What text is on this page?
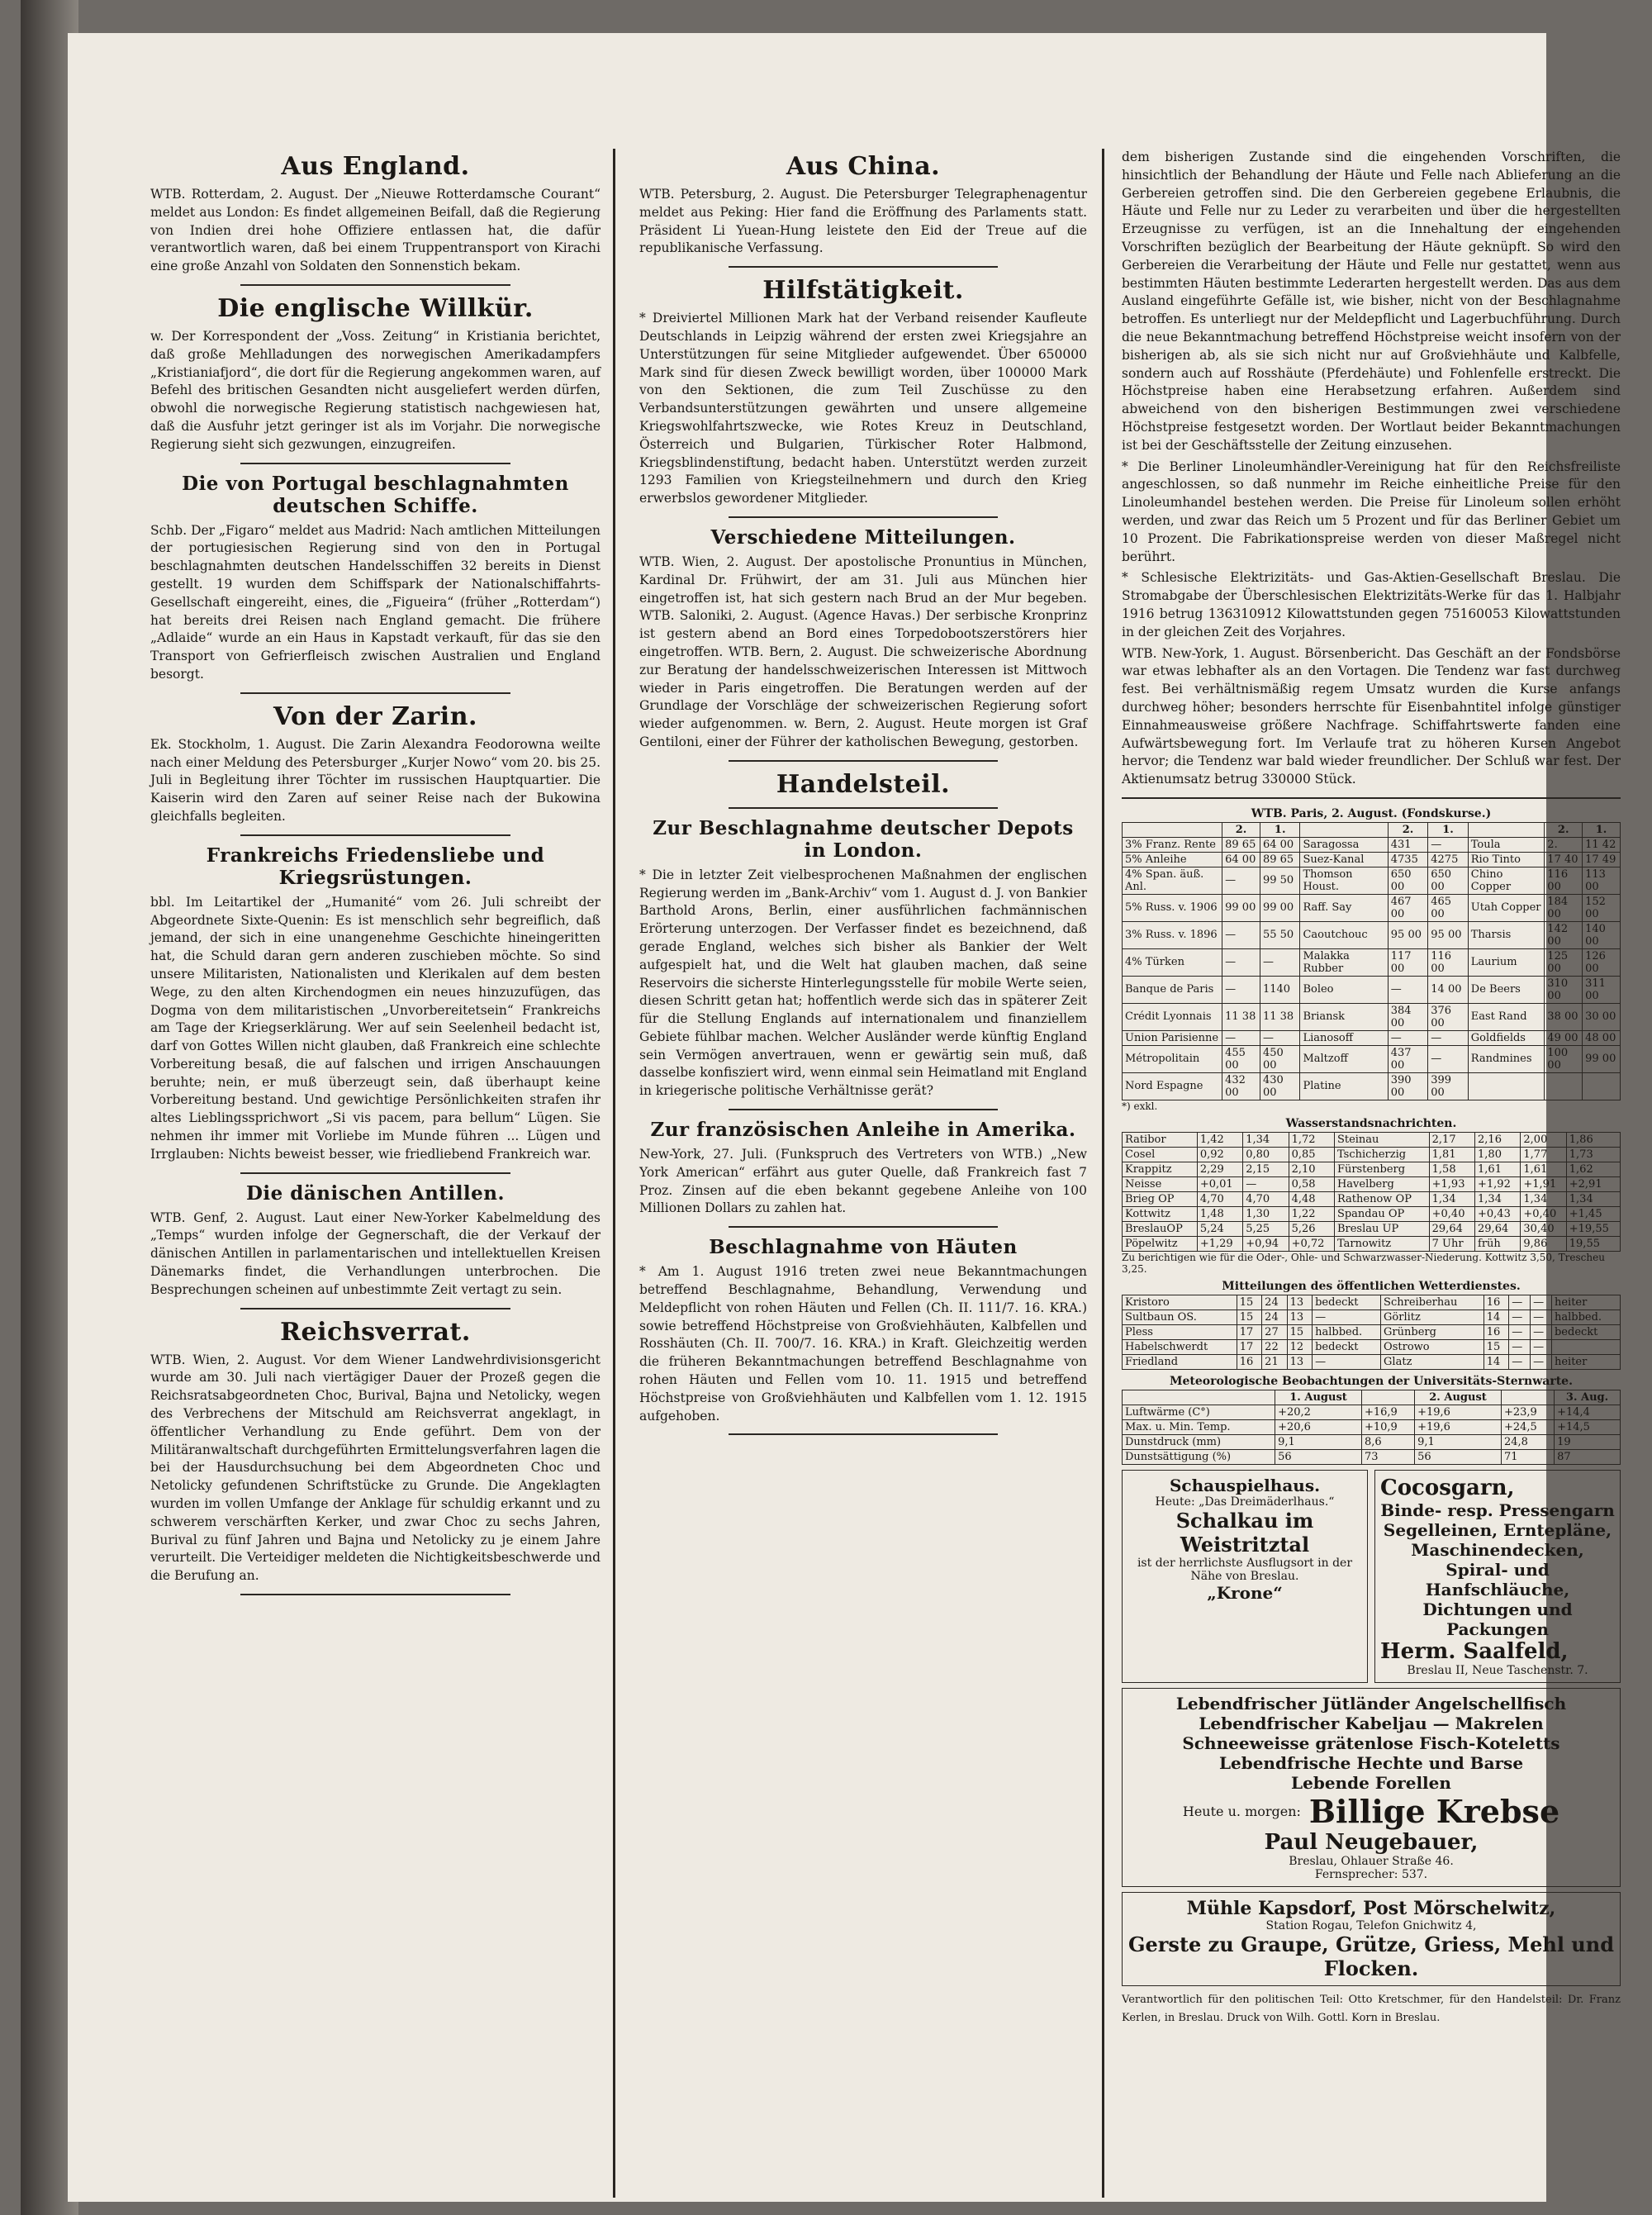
Aus England.

WTB. Rotterdam, 2. August. Der „Nieuwe Rotterdamsche Courant“ meldet aus London: Es findet allgemeinen Beifall, daß die Regierung von Indien drei hohe Offiziere entlassen hat, die dafür verantwortlich waren, daß bei einem Truppentransport von Kirachi eine große Anzahl von Soldaten den Sonnenstich bekam.

Die englische Willkür.

w. Der Korrespondent der „Voss. Zeitung“ in Kristiania berichtet, daß große Mehlladungen des norwegischen Amerikadampfers „Kristianiafjord“, die dort für die Regierung angekommen waren, auf Befehl des britischen Gesandten nicht ausgeliefert werden dürfen, obwohl die norwegische Regierung statistisch nachgewiesen hat, daß die Ausfuhr jetzt geringer ist als im Vorjahr. Die norwegische Regierung sieht sich gezwungen, einzugreifen.

Die von Portugal beschlagnahmten deutschen Schiffe.

Schb. Der „Figaro“ meldet aus Madrid: Nach amtlichen Mitteilungen der portugiesischen Regierung sind von den in Portugal beschlagnahmten deutschen Handelsschiffen 32 bereits in Dienst gestellt. 19 wurden dem Schiffspark der Nationalschiffahrts-Gesellschaft eingereiht, eines, die „Figueira“ (früher „Rotterdam“) hat bereits drei Reisen nach England gemacht. Die frühere „Adlaide“ wurde an ein Haus in Kapstadt verkauft, für das sie den Transport von Gefrierfleisch zwischen Australien und England besorgt.

Von der Zarin.

Ek. Stockholm, 1. August. Die Zarin Alexandra Feodorowna weilte nach einer Meldung des Petersburger „Kurjer Nowo“ vom 20. bis 25. Juli in Begleitung ihrer Töchter im russischen Hauptquartier. Die Kaiserin wird den Zaren auf seiner Reise nach der Bukowina gleichfalls begleiten.

Frankreichs Friedensliebe und Kriegsrüstungen.

bbl. Im Leitartikel der „Humanité“ vom 26. Juli schreibt der Abgeordnete Sixte-Quenin: Es ist menschlich sehr begreiflich, daß jemand, der sich in eine unangenehme Geschichte hineingeritten hat, die Schuld daran gern anderen zuschieben möchte. So sind unsere Militaristen, Nationalisten und Klerikalen auf dem besten Wege, zu den alten Kirchendogmen ein neues hinzuzufügen, das Dogma von dem militaristischen „Unvorbereitetsein“ Frankreichs am Tage der Kriegserklärung. Wer auf sein Seelenheil bedacht ist, darf von Gottes Willen nicht glauben, daß Frankreich eine schlechte Vorbereitung besaß, die auf falschen und irrigen Anschauungen beruhte; nein, er muß überzeugt sein, daß überhaupt keine Vorbereitung bestand. Und gewichtige Persönlichkeiten strafen ihr altes Lieblingssprichwort „Si vis pacem, para bellum“ Lügen. Sie nehmen ihr immer mit Vorliebe im Munde führen ... Lügen und Irrglauben: Nichts beweist besser, wie friedliebend Frankreich war.

Die dänischen Antillen.

WTB. Genf, 2. August. Laut einer New-Yorker Kabelmeldung des „Temps“ wurden infolge der Gegnerschaft, die der Verkauf der dänischen Antillen in parlamentarischen und intellektuellen Kreisen Dänemarks findet, die Verhandlungen unterbrochen. Die Besprechungen scheinen auf unbestimmte Zeit vertagt zu sein.

Reichsverrat.

WTB. Wien, 2. August. Vor dem Wiener Landwehrdivisionsgericht wurde am 30. Juli nach viertägiger Dauer der Prozeß gegen die Reichsratsabgeordneten Choc, Burival, Bajna und Netolicky, wegen des Verbrechens der Mitschuld am Reichsverrat angeklagt, in öffentlicher Verhandlung zu Ende geführt. Dem von der Militäranwaltschaft durchgeführten Ermittelungsverfahren lagen die bei der Hausdurchsuchung bei dem Abgeordneten Choc und Netolicky gefundenen Schriftstücke zu Grunde. Die Angeklagten wurden im vollen Umfange der Anklage für schuldig erkannt und zu schwerem verschärften Kerker, und zwar Choc zu sechs Jahren, Burival zu fünf Jahren und Bajna und Netolicky zu je einem Jahre verurteilt. Die Verteidiger meldeten die Nichtigkeitsbeschwerde und die Berufung an.

Aus China.

WTB. Petersburg, 2. August. Die Petersburger Telegraphenagentur meldet aus Peking: Hier fand die Eröffnung des Parlaments statt. Präsident Li Yuean-Hung leistete den Eid der Treue auf die republikanische Verfassung.

Hilfstätigkeit.

* Dreiviertel Millionen Mark hat der Verband reisender Kaufleute Deutschlands in Leipzig während der ersten zwei Kriegsjahre an Unterstützungen für seine Mitglieder aufgewendet. Über 650000 Mark sind für diesen Zweck bewilligt worden, über 100000 Mark von den Sektionen, die zum Teil Zuschüsse zu den Verbandsunterstützungen gewährten und unsere allgemeine Kriegswohlfahrtszwecke, wie Rotes Kreuz in Deutschland, Österreich und Bulgarien, Türkischer Roter Halbmond, Kriegsblindenstiftung, bedacht haben. Unterstützt werden zurzeit 1293 Familien von Kriegsteilnehmern und durch den Krieg erwerbslos gewordener Mitglieder.

Verschiedene Mitteilungen.

WTB. Wien, 2. August. Der apostolische Pronuntius in München, Kardinal Dr. Frühwirt, der am 31. Juli aus München hier eingetroffen ist, hat sich gestern nach Brud an der Mur begeben. WTB. Saloniki, 2. August. (Agence Havas.) Der serbische Kronprinz ist gestern abend an Bord eines Torpedobootszerstörers hier eingetroffen. WTB. Bern, 2. August. Die schweizerische Abordnung zur Beratung der handelsschweizerischen Interessen ist Mittwoch wieder in Paris eingetroffen. Die Beratungen werden auf der Grundlage der Vorschläge der schweizerischen Regierung sofort wieder aufgenommen. w. Bern, 2. August. Heute morgen ist Graf Gentiloni, einer der Führer der katholischen Bewegung, gestorben.

Handelsteil.
Zur Beschlagnahme deutscher Depots in London.

* Die in letzter Zeit vielbesprochenen Maßnahmen der englischen Regierung werden im „Bank-Archiv“ vom 1. August d. J. von Bankier Barthold Arons, Berlin, einer ausführlichen fachmännischen Erörterung unterzogen. Der Verfasser findet es bezeichnend, daß gerade England, welches sich bisher als Bankier der Welt aufgespielt hat, und die Welt hat glauben machen, daß seine Reservoirs die sicherste Hinterlegungsstelle für mobile Werte seien, diesen Schritt getan hat; hoffentlich werde sich das in späterer Zeit für die Stellung Englands auf internationalem und finanziellem Gebiete fühlbar machen. Welcher Ausländer werde künftig England sein Vermögen anvertrauen, wenn er gewärtig sein muß, daß dasselbe konfisziert wird, wenn einmal sein Heimatland mit England in kriegerische politische Verhältnisse gerät?

Zur französischen Anleihe in Amerika.

New-York, 27. Juli. (Funkspruch des Vertreters von WTB.) „New York American“ erfährt aus guter Quelle, daß Frankreich fast 7 Proz. Zinsen auf die eben bekannt gegebene Anleihe von 100 Millionen Dollars zu zahlen hat.

Beschlagnahme von Häuten

* Am 1. August 1916 treten zwei neue Bekanntmachungen betreffend Beschlagnahme, Behandlung, Verwendung und Meldepflicht von rohen Häuten und Fellen (Ch. II. 111/7. 16. KRA.) sowie betreffend Höchstpreise von Großviehhäuten, Kalbfellen und Rosshäuten (Ch. II. 700/7. 16. KRA.) in Kraft. Gleichzeitig werden die früheren Bekanntmachungen betreffend Beschlagnahme von rohen Häuten und Fellen vom 10. 11. 1915 und betreffend Höchstpreise von Großviehhäuten und Kalbfellen vom 1. 12. 1915 aufgehoben.

dem bisherigen Zustande sind die eingehenden Vorschriften, die hinsichtlich der Behandlung der Häute und Felle nach Ablieferung an die Gerbereien getroffen sind. Die den Gerbereien gegebene Erlaubnis, die Häute und Felle nur zu Leder zu verarbeiten und über die hergestellten Erzeugnisse zu verfügen, ist an die Innehaltung der eingehenden Vorschriften bezüglich der Bearbeitung der Häute geknüpft. So wird den Gerbereien die Verarbeitung der Häute und Felle nur gestattet, wenn aus bestimmten Häuten bestimmte Lederarten hergestellt werden. Das aus dem Ausland eingeführte Gefälle ist, wie bisher, nicht von der Beschlagnahme betroffen. Es unterliegt nur der Meldepflicht und Lagerbuchführung. Durch die neue Bekanntmachung betreffend Höchstpreise weicht insofern von der bisherigen ab, als sie sich nicht nur auf Großviehhäute und Kalbfelle, sondern auch auf Rosshäute (Pferdehäute) und Fohlenfelle erstreckt. Die Höchstpreise haben eine Herabsetzung erfahren. Außerdem sind abweichend von den bisherigen Bestimmungen zwei verschiedene Höchstpreise festgesetzt worden. Der Wortlaut beider Bekanntmachungen ist bei der Geschäftsstelle der Zeitung einzusehen.

* Die Berliner Linoleumhändler-Vereinigung hat für den Reichsfreiliste angeschlossen, so daß nunmehr im Reiche einheitliche Preise für den Linoleumhandel bestehen werden. Die Preise für Linoleum sollen erhöht werden, und zwar das Reich um 5 Prozent und für das Berliner Gebiet um 10 Prozent. Die Fabrikationspreise werden von dieser Maßregel nicht berührt.

* Schlesische Elektrizitäts- und Gas-Aktien-Gesellschaft Breslau. Die Stromabgabe der Überschlesischen Elektrizitäts-Werke für das 1. Halbjahr 1916 betrug 136310912 Kilowattstunden gegen 75160053 Kilowattstunden in der gleichen Zeit des Vorjahres.

WTB. New-York, 1. August. Börsenbericht. Das Geschäft an der Fondsbörse war etwas lebhafter als an den Vortagen. Die Tendenz war fast durchweg fest. Bei verhältnismäßig regem Umsatz wurden die Kurse anfangs durchweg höher; besonders herrschte für Eisenbahntitel infolge günstiger Einnahmeausweise größere Nachfrage. Schiffahrtswerte fanden eine Aufwärtsbewegung fort. Im Verlaufe trat zu höheren Kursen Angebot hervor; die Tendenz war bald wieder freundlicher. Der Schluß war fest. Der Aktienumsatz betrug 330000 Stück.

WTB. Paris, 2. August. (Fondskurse.)
	2.	1.		2.	1.		2.	1.
3% Franz. Rente	89 65	64 00	Saragossa	431	—	Toula	2.	11 42
5% Anleihe	64 00	89 65	Suez-Kanal	4735	4275	Rio Tinto	17 40	17 49
4% Span. äuß. Anl.	—	99 50	Thomson Houst.	650 00	650 00	Chino Copper	116 00	113 00
5% Russ. v. 1906	99 00	99 00	Raff. Say	467 00	465 00	Utah Copper	184 00	152 00
3% Russ. v. 1896	—	55 50	Caoutchouc	95 00	95 00	Tharsis	142 00	140 00
4% Türken	—	—	Malakka Rubber	117 00	116 00	Laurium	125 00	126 00
Banque de Paris	—	1140	Boleo	—	14 00	De Beers	310 00	311 00
Crédit Lyonnais	11 38	11 38	Briansk	384 00	376 00	East Rand	38 00	30 00
Union Parisienne	—	—	Lianosoff	—	—	Goldfields	49 00	48 00
Métropolitain	455 00	450 00	Maltzoff	437 00	—	Randmines	100 00	99 00
Nord Espagne	432 00	430 00	Platine	390 00	399 00			
*) exkl.
Wasserstandsnachrichten.
Ratibor	1,42	1,34	1,72	Steinau	2,17	2,16	2,00	1,86
Cosel	0,92	0,80	0,85	Tschicherzig	1,81	1,80	1,77	1,73
Krappitz	2,29	2,15	2,10	Fürstenberg	1,58	1,61	1,61	1,62
Neisse	+0,01	—	0,58	Havelberg	+1,93	+1,92	+1,91	+2,91
Brieg OP	4,70	4,70	4,48	Rathenow OP	1,34	1,34	1,34	1,34
Kottwitz	1,48	1,30	1,22	Spandau OP	+0,40	+0,43	+0,40	+1,45
BreslauOP	5,24	5,25	5,26	Breslau UP	29,64	29,64	30,40	+19,55
Pöpelwitz	+1,29	+0,94	+0,72	Tarnowitz	7 Uhr	früh	9,86	19,55
Zu berichtigen wie für die Oder-, Ohle- und Schwarzwasser-Niederung. Kottwitz 3,50, Trescheu 3,25.
Mitteilungen des öffentlichen Wetterdienstes.
Kristoro	15	24	13	bedeckt	Schreiberhau	16	—	—	heiter
Sultbaun OS.	15	24	13	—	Görlitz	14	—	—	halbbed.
Pless	17	27	15	halbbed.	Grünberg	16	—	—	bedeckt
Habelschwerdt	17	22	12	bedeckt	Ostrowo	15	—	—	
Friedland	16	21	13	—	Glatz	14	—	—	heiter
Meteorologische Beobachtungen der Universitäts-Sternwarte.
	1. August		2. August		3. Aug.
Luftwärme (C°)	+20,2	+16,9	+19,6	+23,9	+14,4
Max. u. Min. Temp.	+20,6	+10,9	+19,6	+24,5	+14,5
Dunstdruck (mm)	9,1	8,6	9,1	24,8	19
Dunstsättigung (%)	56	73	56	71	87
Schauspielhaus.
Heute: „Das Dreimäderlhaus.“
Schalkau im Weistritztal
ist der herrlichste Ausflugsort in der Nähe von Breslau.
„Krone“
Cocosgarn,
Binde- resp. Pressengarn
Segelleinen, Erntepläne,
Maschinendecken,
Spiral- und Hanfschläuche,
Dichtungen und Packungen
Herm. Saalfeld,
Breslau II, Neue Taschenstr. 7.
Lebendfrischer Jütländer Angelschellfisch
Lebendfrischer Kabeljau — Makrelen
Schneeweisse grätenlose Fisch-Koteletts
Lebendfrische Hechte und Barse
Lebende Forellen
Heute u. morgen: Billige Krebse
Paul Neugebauer,
Breslau, Ohlauer Straße 46.
Fernsprecher: 537.
Mühle Kapsdorf, Post Mörschelwitz,
Station Rogau, Telefon Gnichwitz 4,
Gerste zu Graupe, Grütze, Griess, Mehl und Flocken.
Verantwortlich für den politischen Teil: Otto Kretschmer, für den Handelsteil: Dr. Franz Kerlen, in Breslau. Druck von Wilh. Gottl. Korn in Breslau.
